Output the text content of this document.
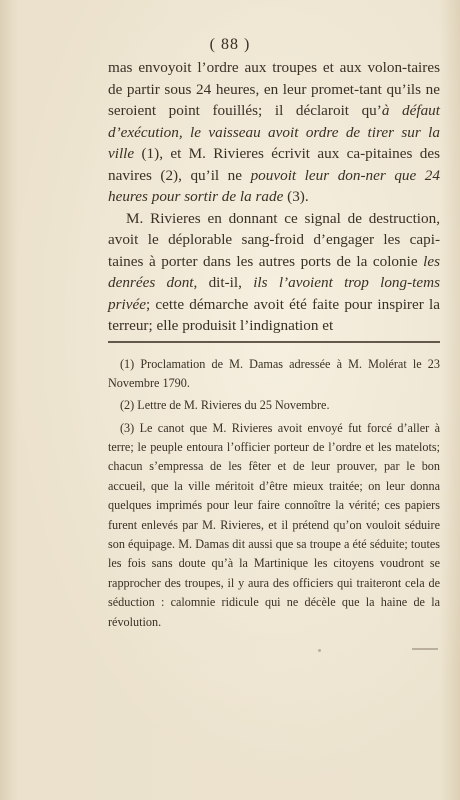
( 88 )

mas envoyoit l’ordre aux troupes et aux volon-taires de partir sous 24 heures, en leur promet-tant qu’ils ne seroient point fouillés; il déclaroit qu’à défaut d’exécution, le vaisseau avoit ordre de tirer sur la ville (1), et M. Rivieres écrivit aux ca-pitaines des navires (2), qu’il ne pouvoit leur don-ner que 24 heures pour sortir de la rade (3).

M. Rivieres en donnant ce signal de destruction, avoit le déplorable sang-froid d’engager les capi-taines à porter dans les autres ports de la colonie les denrées dont, dit-il, ils l’avoient trop long-tems privée; cette démarche avoit été faite pour inspirer la terreur; elle produisit l’indignation et

(1) Proclamation de M. Damas adressée à M. Molérat le 23 Novembre 1790.

(2) Lettre de M. Rivieres du 25 Novembre.

(3) Le canot que M. Rivieres avoit envoyé fut forcé d’aller à terre; le peuple entoura l’officier porteur de l’ordre et les matelots; chacun s’empressa de les fêter et de leur prouver, par le bon accueil, que la ville méritoit d’être mieux traitée; on leur donna quelques imprimés pour leur faire connoître la vérité; ces papiers furent enlevés par M. Rivieres, et il prétend qu’on vouloit séduire son équipage. M. Damas dit aussi que sa troupe a été séduite; toutes les fois sans doute qu’à la Martinique les citoyens voudront se rapprocher des troupes, il y aura des officiers qui traiteront cela de séduction : calomnie ridicule qui ne décèle que la haine de la révolution.
